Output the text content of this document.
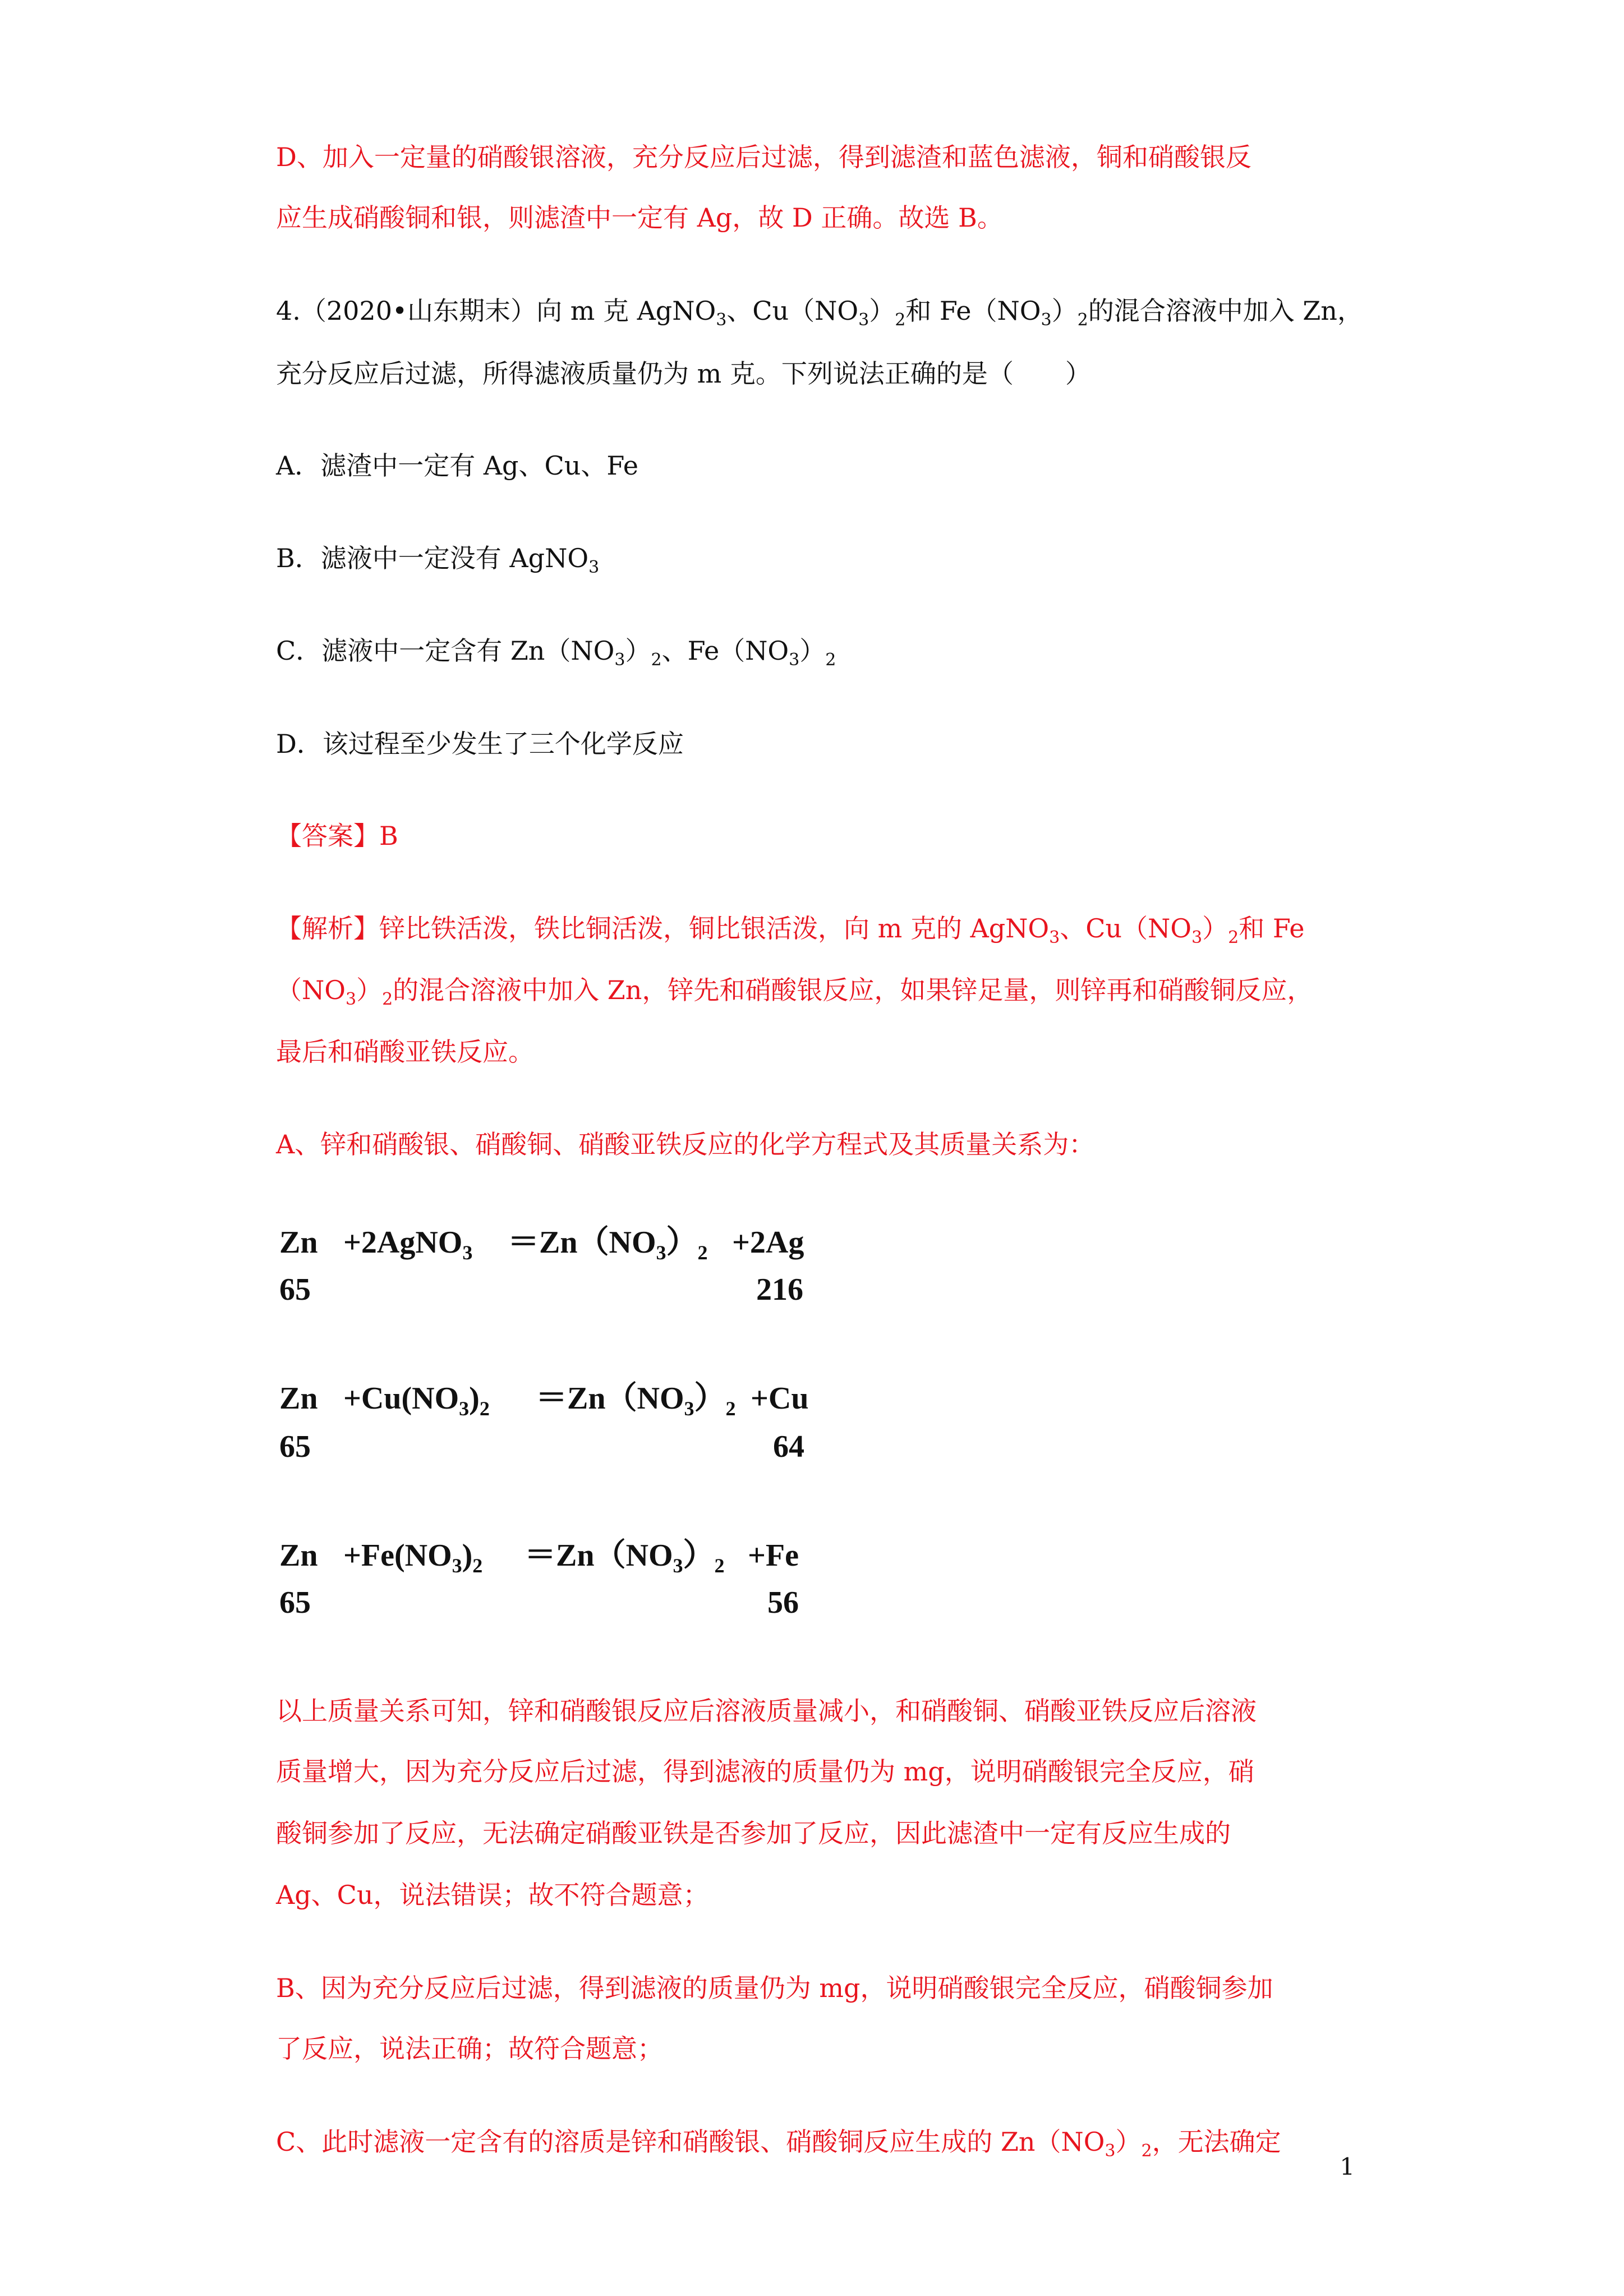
D、加入一定量的硝酸银溶液，充分反应后过滤，得到滤渣和蓝色滤液，铜和硝酸银反
应生成硝酸铜和银，则滤渣中一定有 Ag，故 D 正确。故选 B。
4.（2020•山东期末）向 m 克 AgNO$_3$、$Cu(NO_3)_2$和 $Fe(NO_3)_2$的混合溶液中加入 Zn，
充分反应后过滤，所得滤液质量仍为 m 克。下列说法正确的是（　　）
A．滤渣中一定有 Ag、Cu、Fe
B．滤液中一定没有 AgNO$_3$
C．滤液中一定含有 $Zn(NO_3)_2$、$Fe(NO_3)_2$
D．该过程至少发生了三个化学反应
【答案】B
【解析】锌比铁活泼，铁比铜活泼，铜比银活泼，向 m 克的 AgNO$_3$、$Cu(NO_3)_2$和 Fe
$(NO_3)_2$的混合溶液中加入 Zn，锌先和硝酸银反应，如果锌足量，则锌再和硝酸铜反应，
最后和硝酸亚铁反应。
A、锌和硝酸银、硝酸铜、硝酸亚铁反应的化学方程式及其质量关系为：
Zn +2AgNO$_3$ $=Zn(NO_3)_2 +2Ag$
65	216
$Zn +Cu(NO_3)_2 =Zn(NO_3)_2 +Cu$
65	64
$Zn +Fe(NO_3)_2 =Zn(NO_3)_2 +Fe$
65	56
以上质量关系可知，锌和硝酸银反应后溶液质量减小，和硝酸铜、硝酸亚铁反应后溶液
质量增大，因为充分反应后过滤，得到滤液的质量仍为 mg，说明硝酸银完全反应，硝
酸铜参加了反应，无法确定硝酸亚铁是否参加了反应，因此滤渣中一定有反应生成的
Ag、Cu，说法错误；故不符合题意；
B、因为充分反应后过滤，得到滤液的质量仍为 mg，说明硝酸银完全反应，硝酸铜参加
了反应，说法正确；故符合题意；
C、此时滤液一定含有的溶质是锌和硝酸银、硝酸铜反应生成的 $Zn(NO_3)_2$，无法确定
1
